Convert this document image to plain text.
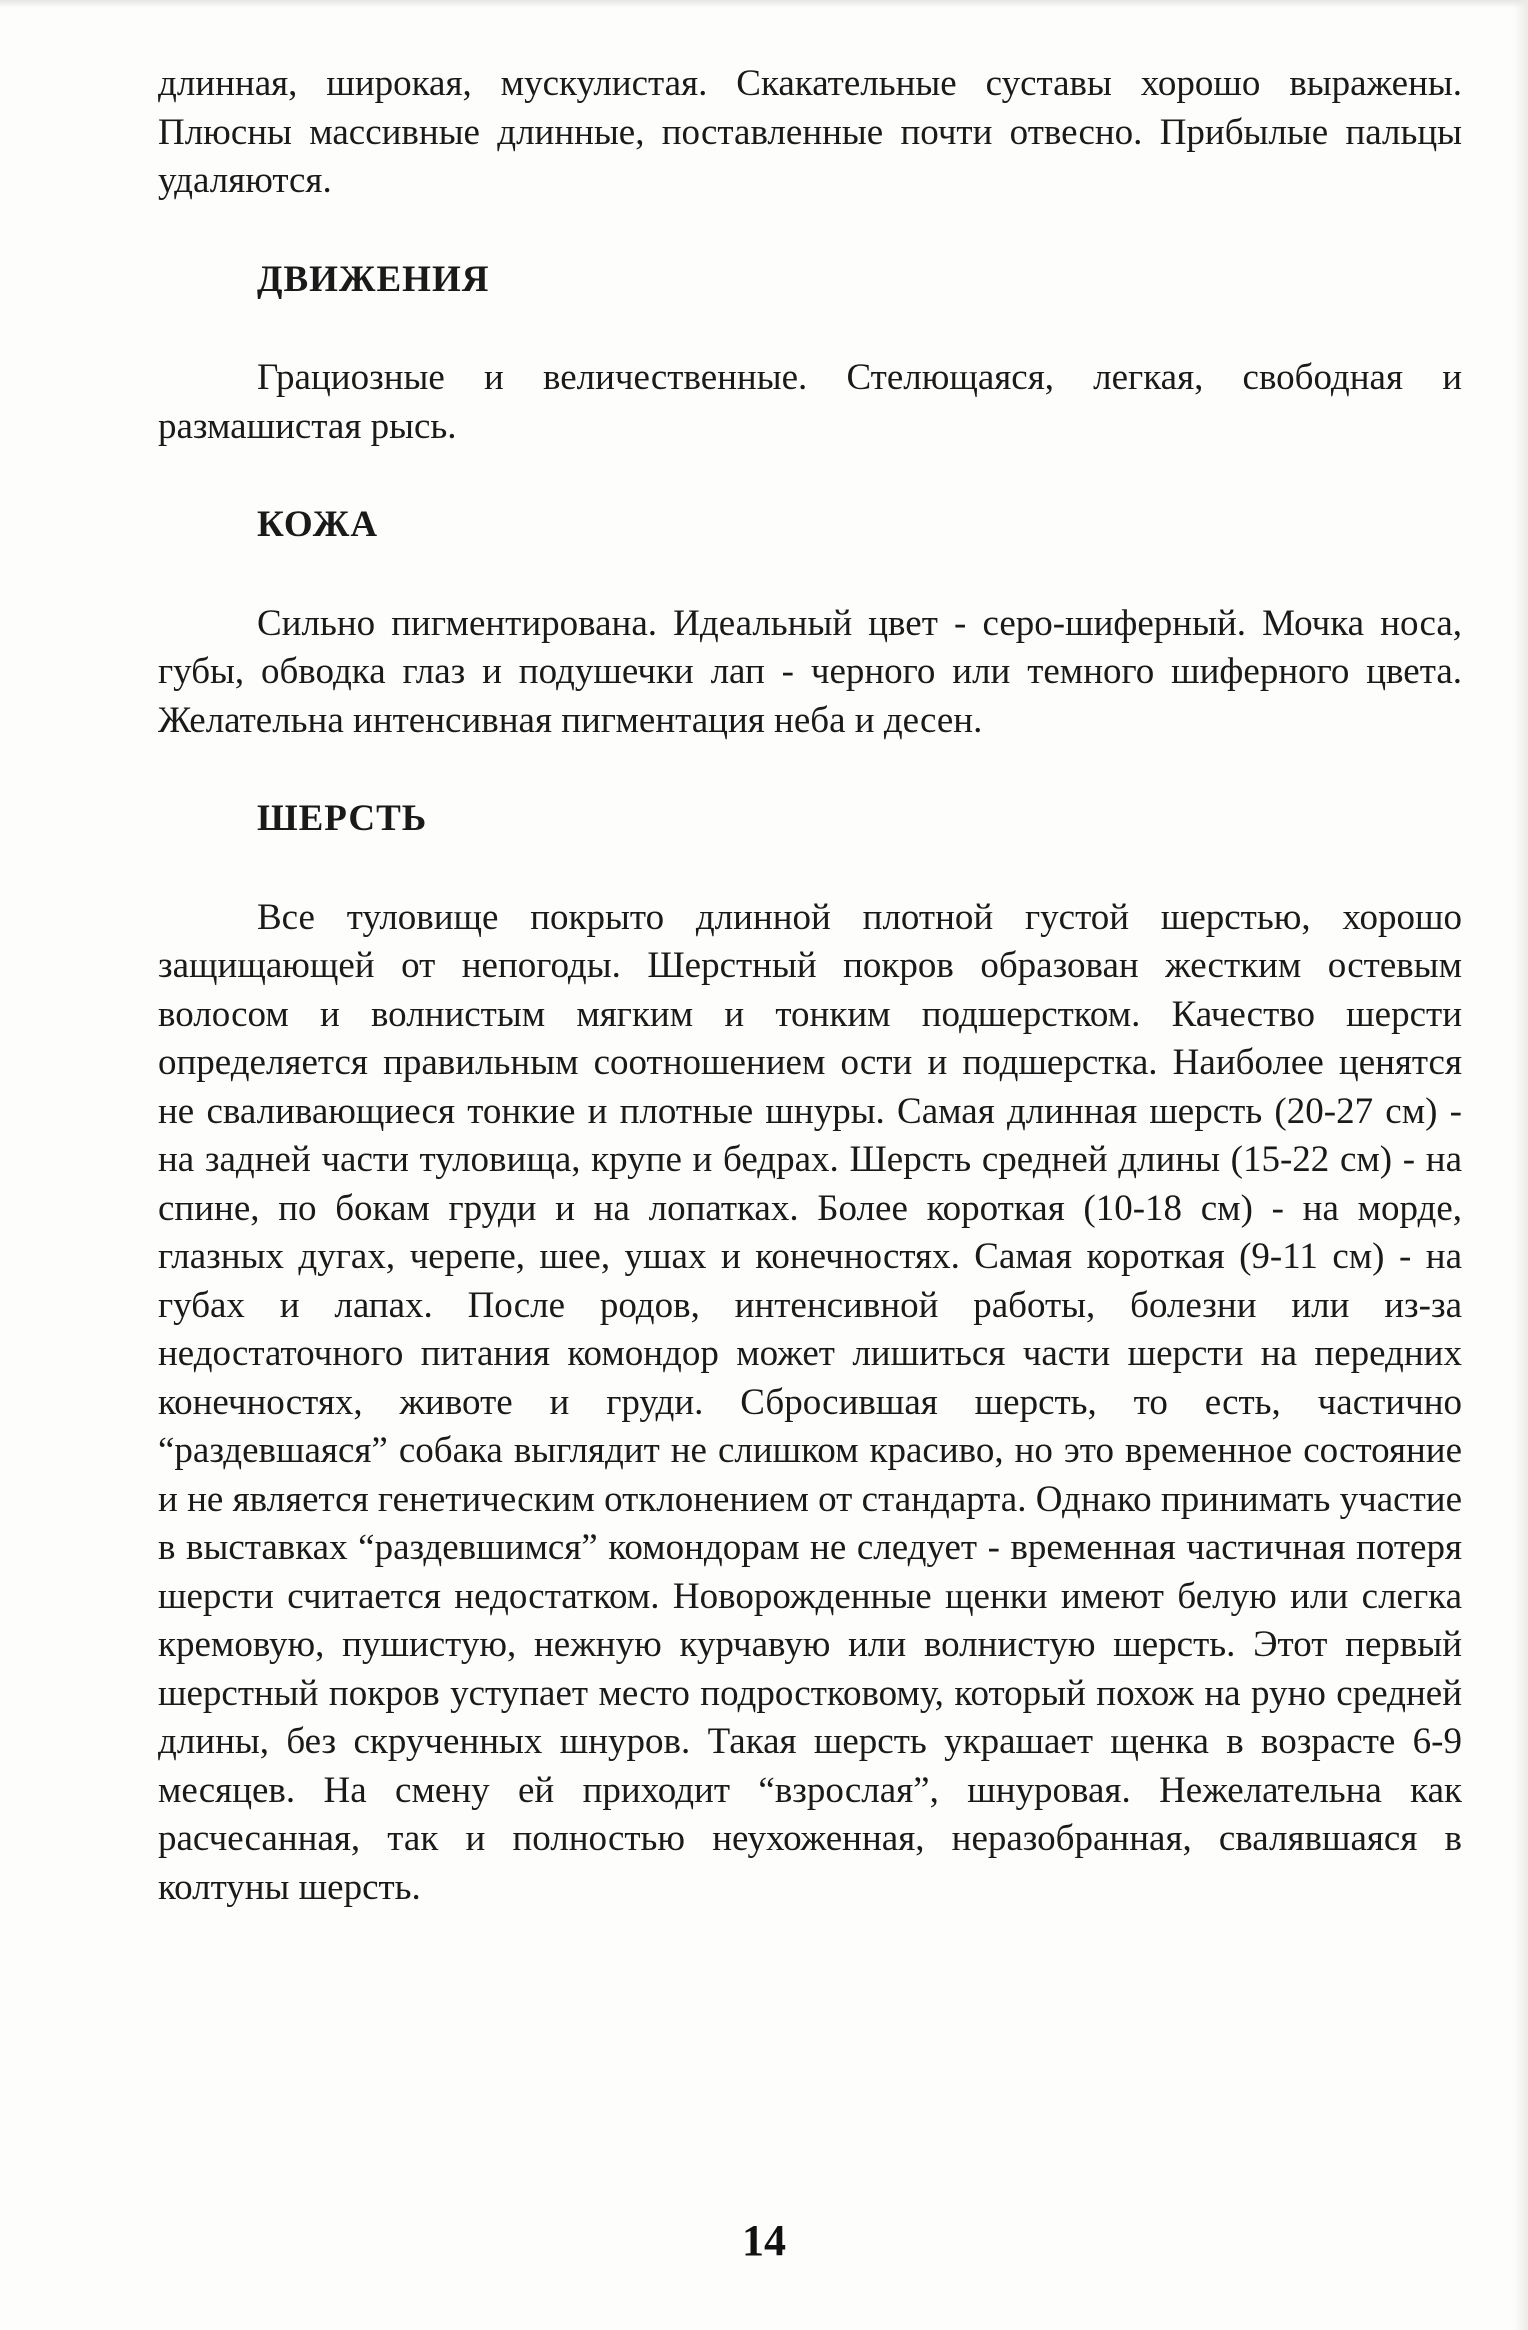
длинная, широкая, мускулистая. Скакательные суставы хорошо выражены. Плюсны массивные длинные, поставленные почти отвесно. Прибылые пальцы удаляются.

ДВИЖЕНИЯ

Грациозные и величественные. Стелющаяся, легкая, свободная и размашистая рысь.

КОЖА

Сильно пигментирована. Идеальный цвет - серо-шиферный. Мочка носа, губы, обводка глаз и подушечки лап - черного или темного шиферного цвета. Желательна интенсивная пигментация неба и десен.

ШЕРСТЬ

Все туловище покрыто длинной плотной густой шерстью, хорошо защищающей от непогоды. Шерстный покров образован жестким остевым волосом и волнистым мягким и тонким подшерстком. Качество шерсти определяется правильным соотношением ости и подшерстка. Наиболее ценятся не сваливающиеся тонкие и плотные шнуры. Самая длинная шерсть (20-27 см) - на задней части туловища, крупе и бедрах. Шерсть средней длины (15-22 см) - на спине, по бокам груди и на лопатках. Более короткая (10-18 см) - на морде, глазных дугах, черепе, шее, ушах и конечностях. Самая короткая (9-11 см) - на губах и лапах. После родов, интенсивной работы, болезни или из-за недостаточного питания комондор может лишиться части шерсти на передних конечностях, животе и груди. Сбросившая шерсть, то есть, частично “раздевшаяся” собака выглядит не слишком красиво, но это временное состояние и не является генетическим отклонением от стандарта. Однако принимать участие в выставках “раздевшимся” комондорам не следует - временная частичная потеря шерсти считается недостатком. Новорожденные щенки имеют белую или слегка кремовую, пушистую, нежную курчавую или волнистую шерсть. Этот первый шерстный покров уступает место подростковому, который похож на руно средней длины, без скрученных шнуров. Такая шерсть украшает щенка в возрасте 6-9 месяцев. На смену ей приходит “взрослая”, шнуровая. Нежелательна как расчесанная, так и полностью неухоженная, неразобранная, свалявшаяся в колтуны шерсть.

14
